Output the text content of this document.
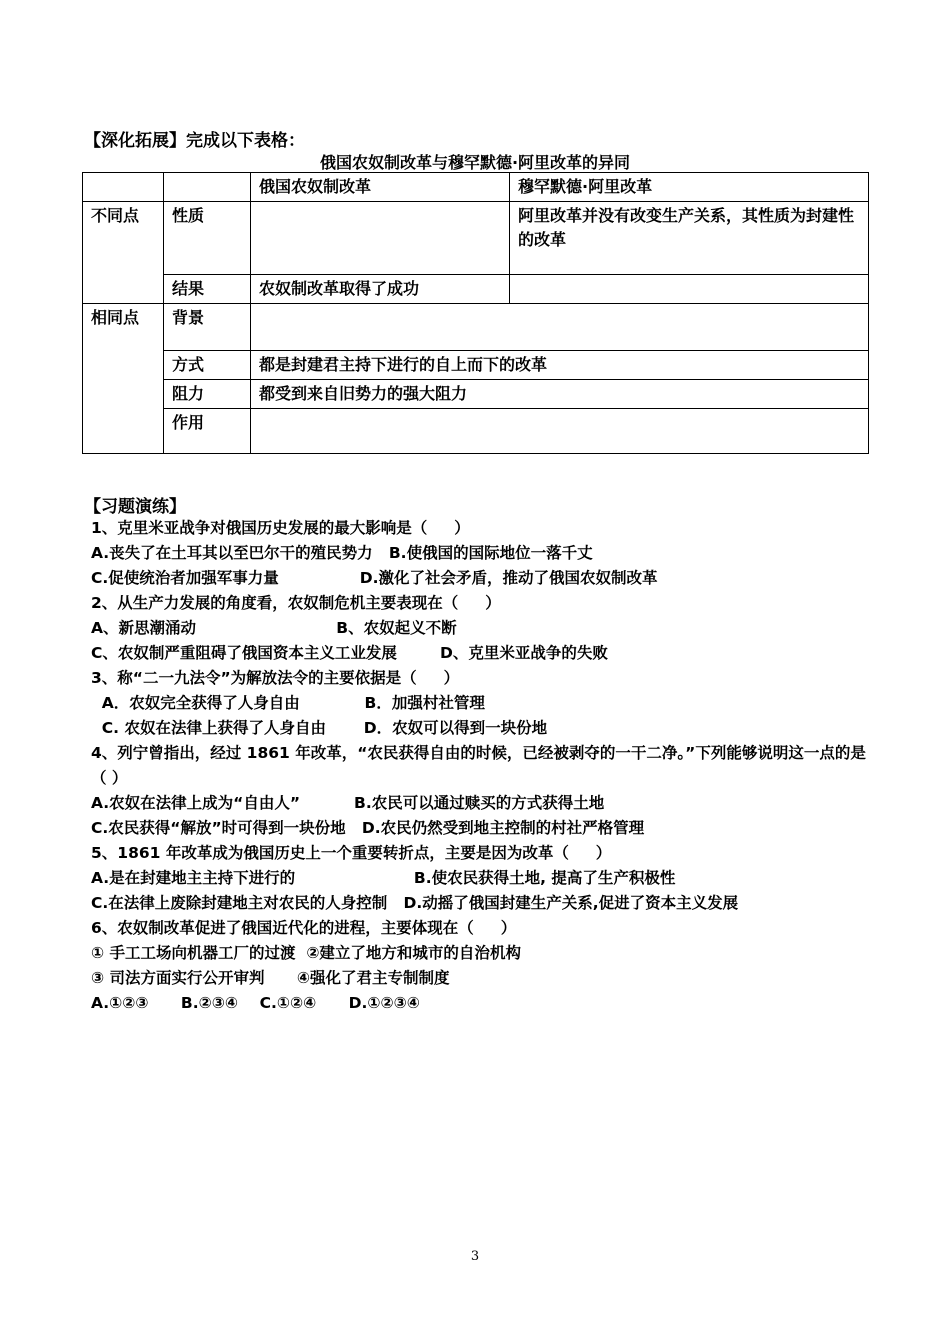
【深化拓展】完成以下表格：
俄国农奴制改革与穆罕默德·阿里改革的异同
		俄国农奴制改革	穆罕默德·阿里改革
不同点	性质		阿里改革并没有改变生产关系，其性质为封建性的改革
	结果	农奴制改革取得了成功	
相同点	背景		
	方式	都是封建君主持下进行的自上而下的改革	
	阻力	都受到来自旧势力的强大阻力	
	作用		
【习题演练】
1、克里米亚战争对俄国历史发展的最大影响是（     ）
A.丧失了在土耳其以至巴尔干的殖民势力   B.使俄国的国际地位一落千丈
C.促使统治者加强军事力量               D.激化了社会矛盾，推动了俄国农奴制改革
2、从生产力发展的角度看，农奴制危机主要表现在（     ）
A、新思潮涌动                          B、农奴起义不断
C、农奴制严重阻碍了俄国资本主义工业发展        D、克里米亚战争的失败
3、称“二一九法令”为解放法令的主要依据是（     ）
A．农奴完全获得了人身自由            B．加强村社管理
C. 农奴在法律上获得了人身自由       D．农奴可以得到一块份地
4、列宁曾指出，经过 1861 年改革，“农民获得自由的时候，已经被剥夺的一干二净。”下列能够说明这一点的是（ ）
A.农奴在法律上成为“自由人”          B.农民可以通过赎买的方式获得土地
C.农民获得“解放”时可得到一块份地   D.农民仍然受到地主控制的村社严格管理
5、1861 年改革成为俄国历史上一个重要转折点，主要是因为改革（     ）
A.是在封建地主主持下进行的                      B.使农民获得土地, 提高了生产积极性
C.在法律上废除封建地主对农民的人身控制   D.动摇了俄国封建生产关系,促进了资本主义发展
6、农奴制改革促进了俄国近代化的进程，主要体现在（     ）
① 手工工场向机器工厂的过渡  ②建立了地方和城市的自治机构
③ 司法方面实行公开审判      ④强化了君主专制制度
A.①②③      B.②③④    C.①②④      D.①②③④
3
